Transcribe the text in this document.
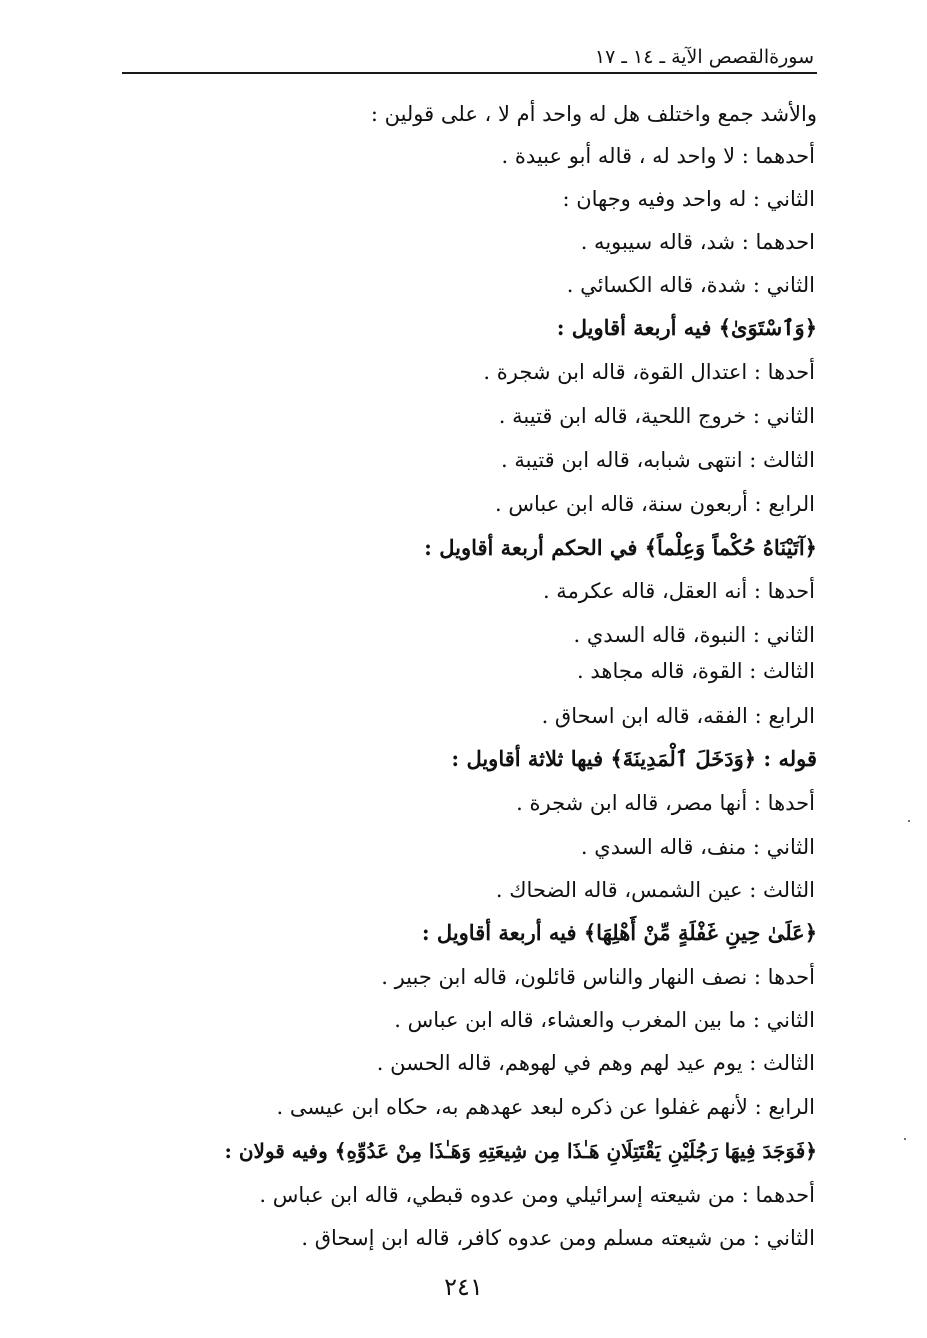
سورةالقصص الآية ـ ١٤ ـ ١٧
والأشد جمع واختلف هل له واحد أم لا ، على قولين :
أحدهما : لا واحد له ، قاله أبو عبيدة .
الثاني : له واحد وفيه وجهان :
احدهما : شد، قاله سيبويه .
الثاني : شدة، قاله الكسائي .
﴿وَٱسْتَوَىٰ﴾ فيه أربعة أقاويل :
أحدها : اعتدال القوة، قاله ابن شجرة .
الثاني : خروج اللحية، قاله ابن قتيبة .
الثالث : انتهى شبابه، قاله ابن قتيبة .
الرابع : أربعون سنة، قاله ابن عباس .
﴿آتَيْنَاهُ حُكْماً وَعِلْماً﴾ في الحكم أربعة أقاويل :
أحدها : أنه العقل، قاله عكرمة .
الثاني : النبوة، قاله السدي .
الثالث : القوة، قاله مجاهد .
الرابع : الفقه، قاله ابن اسحاق .
قوله : ﴿وَدَخَلَ ٱلْمَدِينَةَ﴾ فيها ثلاثة أقاويل :
أحدها : أنها مصر، قاله ابن شجرة .
الثاني : منف، قاله السدي .
الثالث : عين الشمس، قاله الضحاك .
﴿عَلَىٰ حِينِ غَفْلَةٍ مِّنْ أَهْلِهَا﴾ فيه أربعة أقاويل :
أحدها : نصف النهار والناس قائلون، قاله ابن جبير .
الثاني : ما بين المغرب والعشاء، قاله ابن عباس .
الثالث : يوم عيد لهم وهم في لهوهم، قاله الحسن .
الرابع : لأنهم غفلوا عن ذكره لبعد عهدهم به، حكاه ابن عيسى .
﴿فَوَجَدَ فِيهَا رَجُلَيْنِ يَقْتَتِلَانِ هَـٰذَا مِن شِيعَتِهِ وَهَـٰذَا مِنْ عَدُوِّهِ﴾ وفيه قولان :
أحدهما : من شيعته إسرائيلي ومن عدوه قبطي، قاله ابن عباس .
الثاني : من شيعته مسلم ومن عدوه كافر، قاله ابن إسحاق .
٢٤١
